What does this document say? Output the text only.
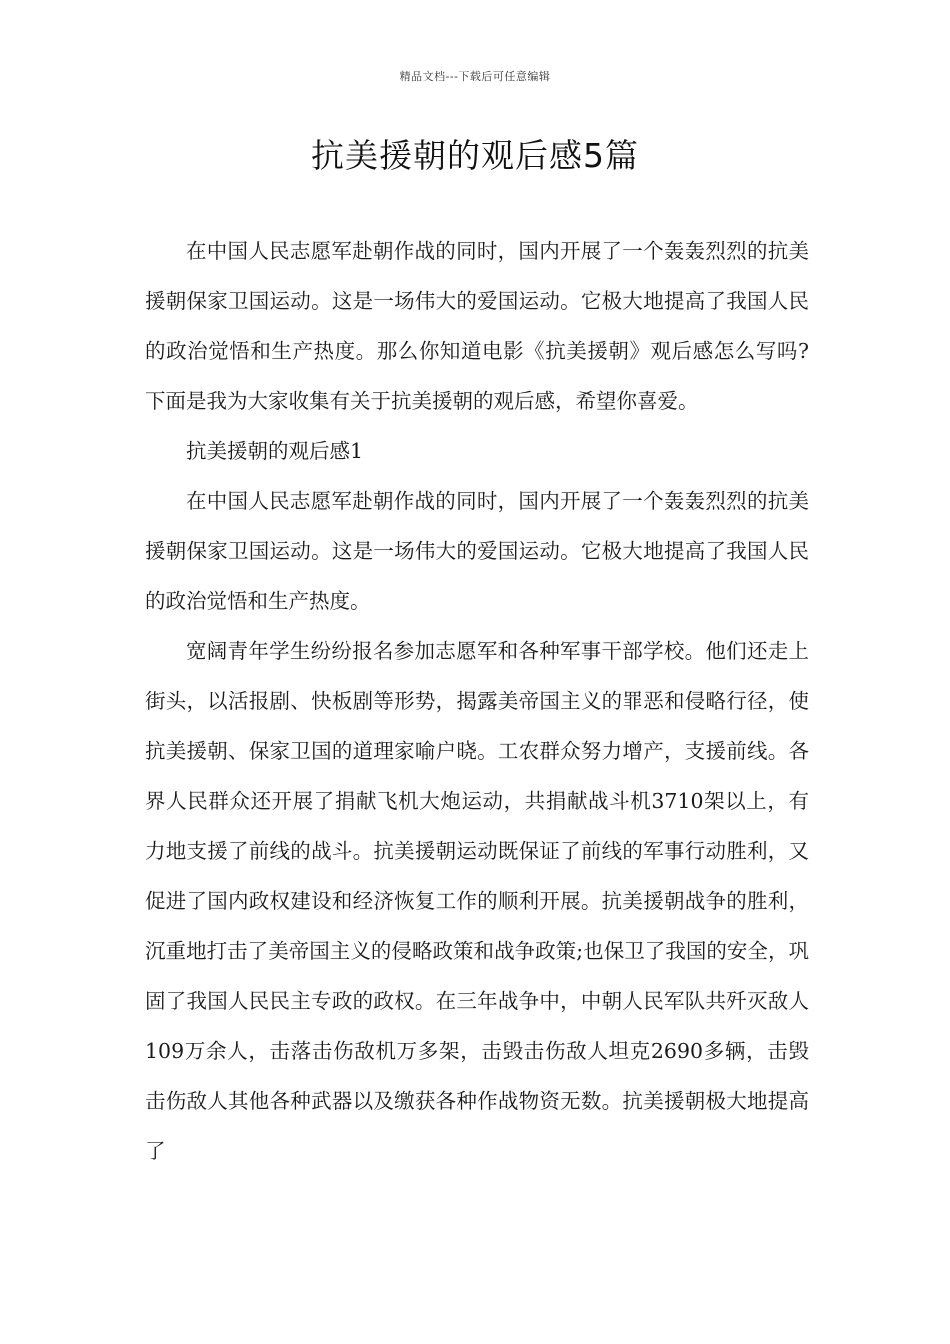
精品文档---下载后可任意编辑
抗美援朝的观后感5篇

在中国人民志愿军赴朝作战的同时，国内开展了一个轰轰烈烈的抗美援朝保家卫国运动。这是一场伟大的爱国运动。它极大地提高了我国人民的政治觉悟和生产热度。那么你知道电影《抗美援朝》观后感怎么写吗?下面是我为大家收集有关于抗美援朝的观后感，希望你喜爱。

抗美援朝的观后感1

在中国人民志愿军赴朝作战的同时，国内开展了一个轰轰烈烈的抗美援朝保家卫国运动。这是一场伟大的爱国运动。它极大地提高了我国人民的政治觉悟和生产热度。

宽阔青年学生纷纷报名参加志愿军和各种军事干部学校。他们还走上街头，以活报剧、快板剧等形势，揭露美帝国主义的罪恶和侵略行径，使抗美援朝、保家卫国的道理家喻户晓。工农群众努力增产，支援前线。各界人民群众还开展了捐献飞机大炮运动，共捐献战斗机3710架以上，有力地支援了前线的战斗。抗美援朝运动既保证了前线的军事行动胜利，又促进了国内政权建设和经济恢复工作的顺利开展。抗美援朝战争的胜利，沉重地打击了美帝国主义的侵略政策和战争政策;也保卫了我国的安全，巩固了我国人民民主专政的政权。在三年战争中，中朝人民军队共歼灭敌人109万余人，击落击伤敌机万多架，击毁击伤敌人坦克2690多辆，击毁击伤敌人其他各种武器以及缴获各种作战物资无数。抗美援朝极大地提高了
